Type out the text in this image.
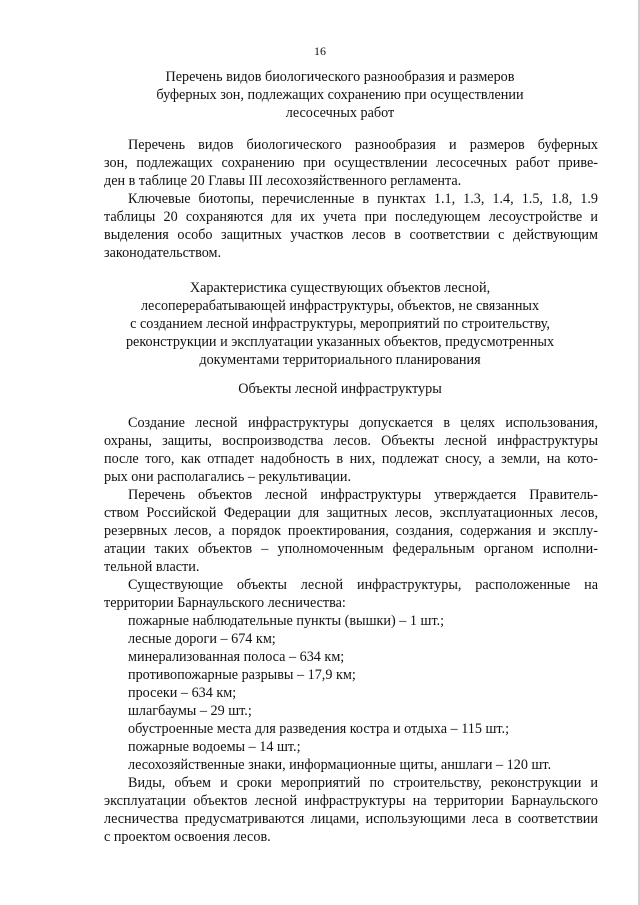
16
Перечень видов биологического разнообразия и размеров
буферных зон, подлежащих сохранению при осуществлении
лесосечных работ
Перечень видов биологического разнообразия и размеров буферных
зон, подлежащих сохранению при осуществлении лесосечных работ приве-
ден в таблице 20 Главы III лесохозяйственного регламента.
Ключевые биотопы, перечисленные в пунктах 1.1, 1.3, 1.4, 1.5, 1.8, 1.9
таблицы 20 сохраняются для их учета при последующем лесоустройстве и
выделения особо защитных участков лесов в соответствии с действующим
законодательством.
Характеристика существующих объектов лесной,
лесоперерабатывающей инфраструктуры, объектов, не связанных
с созданием лесной инфраструктуры, мероприятий по строительству,
реконструкции и эксплуатации указанных объектов, предусмотренных
документами территориального планирования
Объекты лесной инфраструктуры
Создание лесной инфраструктуры допускается в целях использования,
охраны, защиты, воспроизводства лесов. Объекты лесной инфраструктуры
после того, как отпадет надобность в них, подлежат сносу, а земли, на кото-
рых они располагались – рекультивации.
Перечень объектов лесной инфраструктуры утверждается Правитель-
ством Российской Федерации для защитных лесов, эксплуатационных лесов,
резервных лесов, а порядок проектирования, создания, содержания и эксплу-
атации таких объектов – уполномоченным федеральным органом исполни-
тельной власти.
Существующие объекты лесной инфраструктуры, расположенные на
территории Барнаульского лесничества:
пожарные наблюдательные пункты (вышки) – 1 шт.;
лесные дороги – 674 км;
минерализованная полоса – 634 км;
противопожарные разрывы – 17,9 км;
просеки – 634 км;
шлагбаумы – 29 шт.;
обустроенные места для разведения костра и отдыха – 115 шт.;
пожарные водоемы – 14 шт.;
лесохозяйственные знаки, информационные щиты, аншлаги – 120 шт.
Виды, объем и сроки мероприятий по строительству, реконструкции и
эксплуатации объектов лесной инфраструктуры на территории Барнаульского
лесничества предусматриваются лицами, использующими леса в соответствии
с проектом освоения лесов.
